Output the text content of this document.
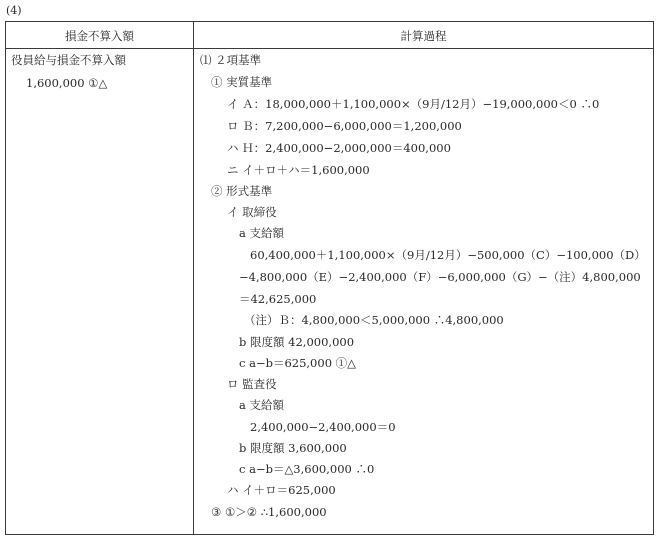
(4)
損金不算入額	計算過程
役員給与損金不算入額
1,600,000 ①△
⑴ ２項基準
① 実質基準
イ Ａ：18,000,000＋1,100,000×（9月/12月）−19,000,000＜0 ∴0
ロ Ｂ：7,200,000−6,000,000＝1,200,000
ハ Ｈ：2,400,000−2,000,000＝400,000
ニ イ＋ロ＋ハ＝1,600,000
② 形式基準
イ 取締役
a 支給額
60,400,000＋1,100,000×（9月/12月）−500,000（C）−100,000（D）
−4,800,000（E）−2,400,000（F）−6,000,000（G）−（注）4,800,000
＝42,625,000
（注）Ｂ：4,800,000＜5,000,000 ∴4,800,000
b 限度額 42,000,000
c a−b＝625,000 ①△
ロ 監査役
a 支給額
2,400,000−2,400,000＝0
b 限度額 3,600,000
c a−b＝△3,600,000 ∴0
ハ イ＋ロ＝625,000
③ ①＞② ∴1,600,000
